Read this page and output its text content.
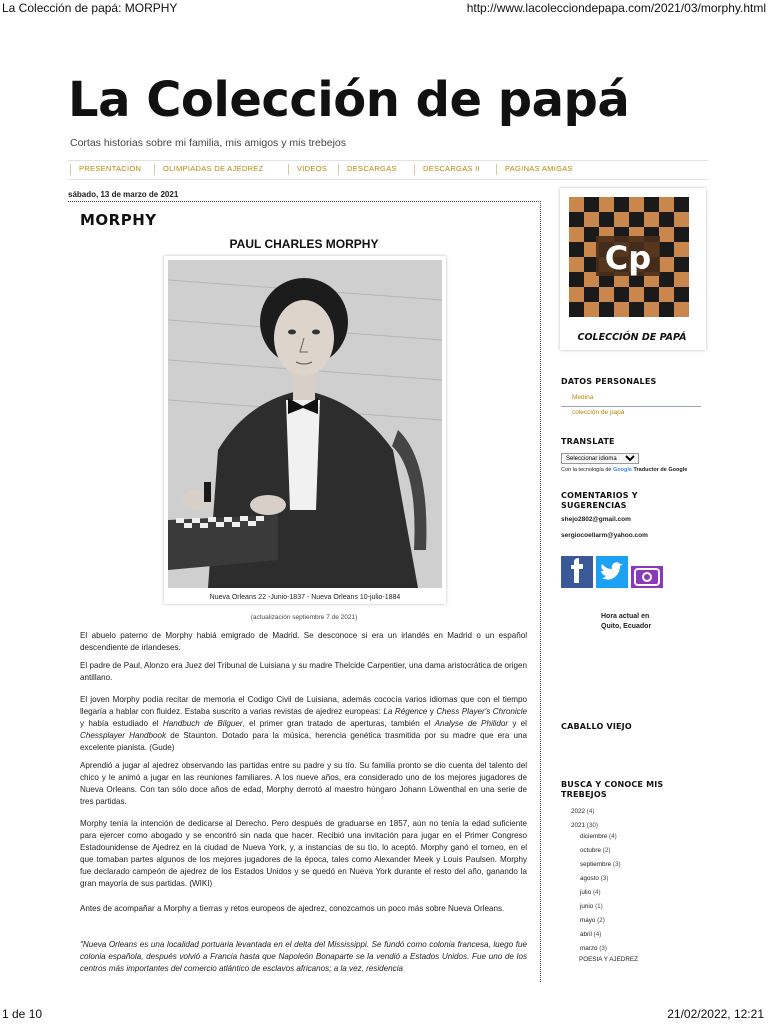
La Colección de papá: MORPHY	http://www.lacolecciondepapa.com/2021/03/morphy.html
1 de 10	21/02/2022, 12:21
La Colección de papá
Cortas historias sobre mi familia, mis amigos y mis trebejos
PRESENTACION	OLIMPIADAS DE AJEDREZ	VIDEOS	DESCARGAS	DESCARGAS II	PAGINAS AMIGAS
sábado, 13 de marzo de 2021
MORPHY
PAUL CHARLES MORPHY
Nueva Orleans 22 -Junio-1837 - Nueva Orleans 10-julio-1884
(actualización septiembre 7 de 2021)

El abuelo paterno de Morphy habiá emigrado de Madrid. Se desconoce si era un irlandés en Madrid o un español descendiente de irlandeses.

El padre de Paul, Alonzo era Juez del Tribunal de Luisiana y su madre Thelcide Carpentier, una dama aristocrática de origen antillano.

El joven Morphy podía recitar de memoria el Codigo Civil de Luisiana, además cococía varios idiomas que con el tiempo llegaría a hablar con fluidez. Estaba suscrito a varias revistas de ajedrez europeas: La Régence y Chess Player's Chronicle y había estudiado el Handbuch de Bilguer, el primer gran tratado de aperturas, también el Analyse de Philidor y el Chessplayer Handbook de Staunton. Dotado para la música, herencia genética trasmitida por su madre que era una excelente pianista. (Gude)

Aprendió a jugar al ajedrez observando las partidas entre su padre y su tío. Su familia pronto se dio cuenta del talento del chico y le animó a jugar en las reuniones familiares. A los nueve años, era considerado uno de los mejores jugadores de Nueva Orleans. Con tan sólo doce años de edad, Morphy derrotó al maestro húngaro Johann Löwenthal en una serie de tres partidas.

Morphy tenía la intención de dedicarse al Derecho. Pero después de graduarse en 1857, aún no tenía la edad suficiente para ejercer como abogado y se encontró sin nada que hacer. Recibió una invitación para jugar en el Primer Congreso Estadounidense de Ajedrez en la ciudad de Nueva York, y, a instancias de su tío, lo aceptó. Morphy ganó el torneo, en el que tomaban partes algunos de los mejores jugadores de la época, tales como Alexander Meek y Louis Paulsen. Morphy fue declarado campeón de ajedrez de los Estados Unidos y se quedó en Nueva York durante el resto del año, ganando la gran mayoría de sus partidas. (WIKI)

Antes de acompañar a Morphy a tierras y retos europeos de ajedrez, conozcamos un poco más sobre Nueva Orleans.

"Nueva Orleans es una localidad portuaria levantada en el delta del Mississippi. Se fundó como colonia francesa, luego fue colonia española, después volvió a Francia hasta que Napoleón Bonaparte se la vendió a Estados Unidos. Fue uno de los centros más importantes del comercio atlántico de esclavos africanos; a la vez, residencia

Cp
COLECCIÓN DE PAPÁ
DATOS PERSONALES
Medina
colección de papá
TRANSLATE
Seleccionar idioma
Con la tecnología de Google Traductor de Google
COMENTARIOS Y SUGERENCIAS
shejo2802@gmail.com
sergiocoellarm@yahoo.com
Hora actual en
Quito, Ecuador
CABALLO VIEJO
BUSCA Y CONOCE MIS TREBEJOS
2022 (4)
2021 (30)
diciembre (4)
octubre (2)
septiembre (3)
agosto (3)
julio (4)
junio (1)
mayo (2)
abril (4)
marzo (3)
POESIA Y AJEDREZ
